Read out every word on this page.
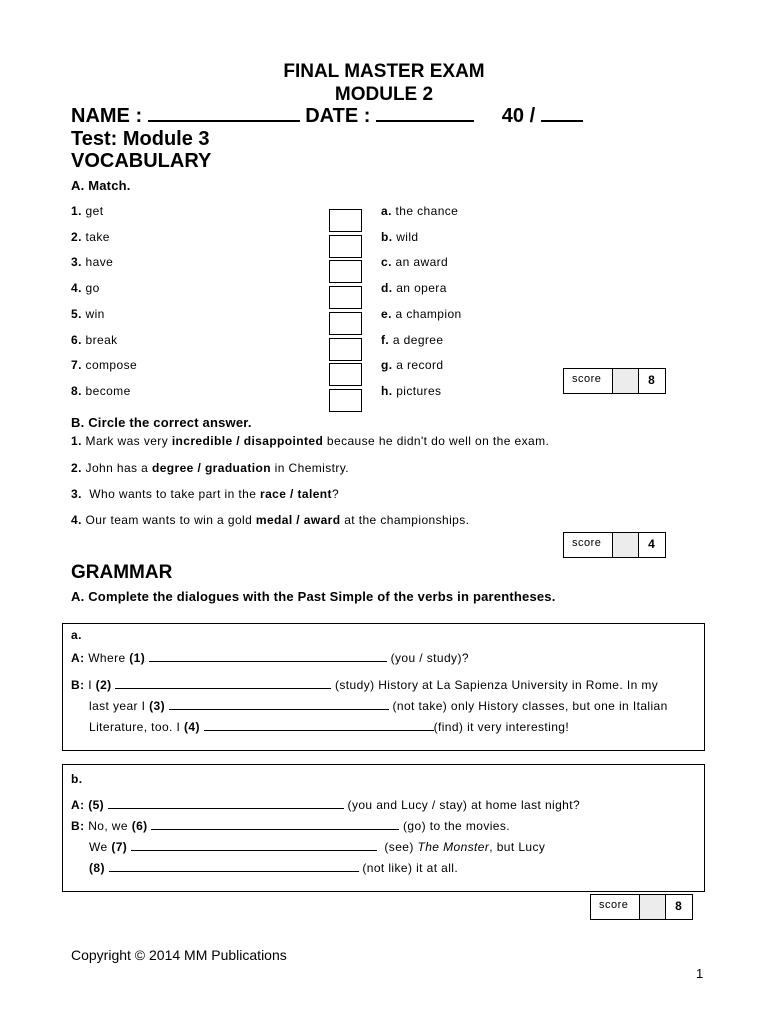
FINAL MASTER EXAM
MODULE 2
NAME :	DATE :	40 /
Test: Module 3
VOCABULARY
A. Match.
1. get
2. take
3. have
4. go
5. win
6. break
7. compose
8. become
a. the chance
b. wild
c. an award
d. an opera
e. a champion
f. a degree
g. a record
h. pictures
score	8
B. Circle the correct answer.
1. Mark was very incredible / disappointed because he didn't do well on the exam.
2. John has a degree / graduation in Chemistry.
3.  Who wants to take part in the race / talent?
4. Our team wants to win a gold medal / award at the championships.
score	4
GRAMMAR
A. Complete the dialogues with the Past Simple of the verbs in parentheses.
a.
A: Where (1)	(you / study)?
B: I (2)	(study) History at La Sapienza University in Rome. In my
last year I (3)	(not take) only History classes, but one in Italian
Literature, too. I (4)	(find) it very interesting!
b.
A: (5)	(you and Lucy / stay) at home last night?
B: No, we (6)	(go) to the movies.
We (7)	(see) The Monster, but Lucy
(8)	(not like) it at all.
score	8
Copyright © 2014 MM Publications
1
